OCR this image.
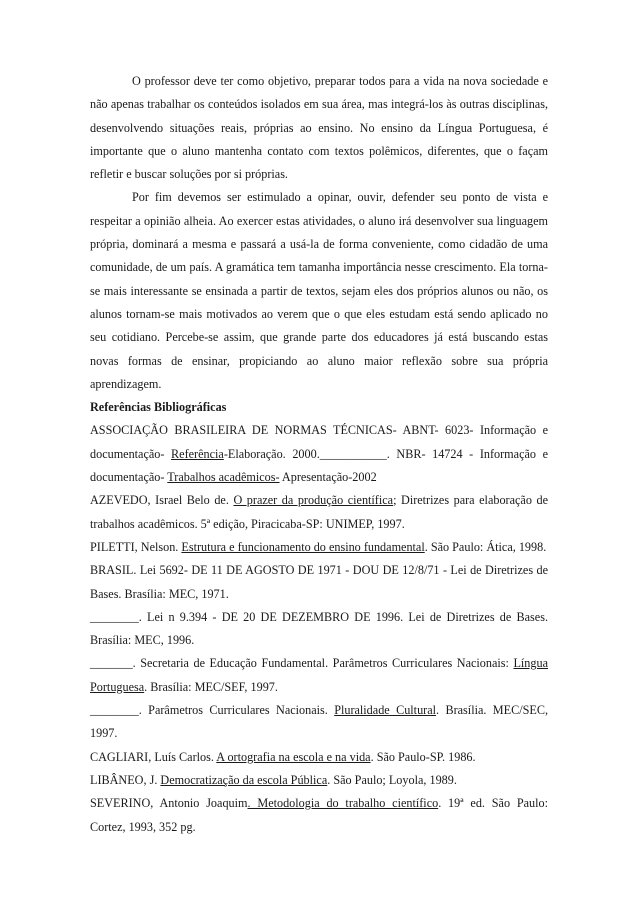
O professor deve ter como objetivo, preparar todos para a vida na nova sociedade e não apenas trabalhar os conteúdos isolados em sua área, mas integrá-los às outras disciplinas, desenvolvendo situações reais, próprias ao ensino. No ensino da Língua Portuguesa, é importante que o aluno mantenha contato com textos polêmicos, diferentes, que o façam refletir e buscar soluções por si próprias.

Por fim devemos ser estimulado a opinar, ouvir, defender seu ponto de vista e respeitar a opinião alheia. Ao exercer estas atividades, o aluno irá desenvolver sua linguagem própria, dominará a mesma e passará a usá-la de forma conveniente, como cidadão de uma comunidade, de um país. A gramática tem tamanha importância nesse crescimento. Ela torna-se mais interessante se ensinada a partir de textos, sejam eles dos próprios alunos ou não, os alunos tornam-se mais motivados ao verem que o que eles estudam está sendo aplicado no seu cotidiano. Percebe-se assim, que grande parte dos educadores já está buscando estas novas formas de ensinar, propiciando ao aluno maior reflexão sobre sua própria aprendizagem.

Referências Bibliográficas

ASSOCIAÇÃO BRASILEIRA DE NORMAS TÉCNICAS- ABNT- 6023- Informação e documentação- Referência-Elaboração. 2000.___________. NBR- 14724 - Informação e documentação- Trabalhos acadêmicos- Apresentação-2002

AZEVEDO, Israel Belo de. O prazer da produção científica; Diretrizes para elaboração de trabalhos acadêmicos. 5ª edição, Piracicaba-SP: UNIMEP, 1997.

PILETTI, Nelson. Estrutura e funcionamento do ensino fundamental. São Paulo: Ática, 1998.

BRASIL. Lei 5692- DE 11 DE AGOSTO DE 1971 - DOU DE 12/8/71 - Lei de Diretrizes de Bases. Brasília: MEC, 1971.

________. Lei n 9.394 - DE 20 DE DEZEMBRO DE 1996. Lei de Diretrizes de Bases. Brasília: MEC, 1996.

_______. Secretaria de Educação Fundamental. Parâmetros Curriculares Nacionais: Língua Portuguesa. Brasília: MEC/SEF, 1997.

________. Parâmetros Curriculares Nacionais. Pluralidade Cultural. Brasília. MEC/SEC, 1997.

CAGLIARI, Luís Carlos. A ortografia na escola e na vida. São Paulo-SP. 1986.

LIBÂNEO, J. Democratização da escola Pública. São Paulo; Loyola, 1989.

SEVERINO, Antonio Joaquim. Metodologia do trabalho científico. 19ª ed. São Paulo: Cortez, 1993, 352 pg.
